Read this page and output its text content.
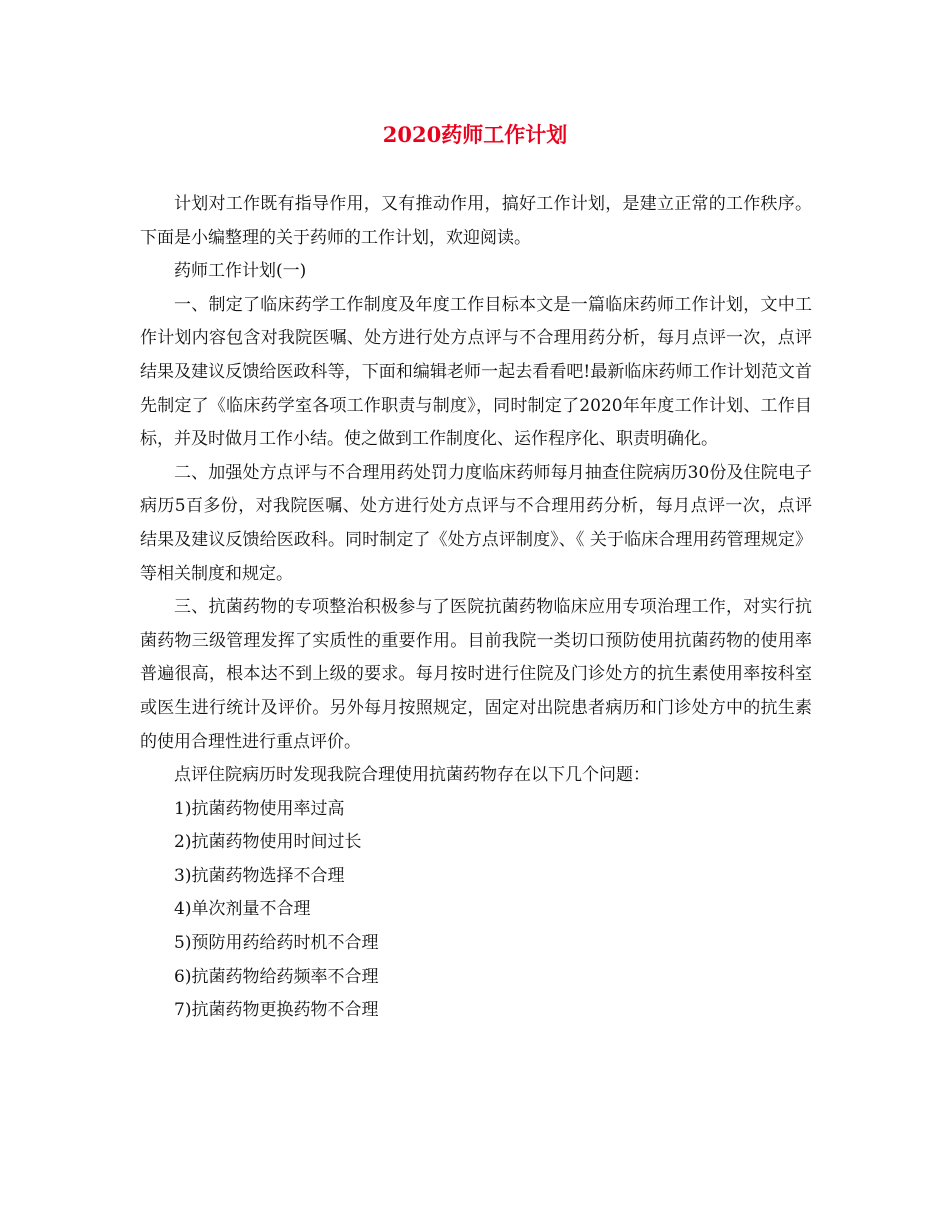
2020药师工作计划

计划对工作既有指导作用，又有推动作用，搞好工作计划，是建立正常的工作秩序。下面是小编整理的关于药师的工作计划，欢迎阅读。

药师工作计划(一)

一、制定了临床药学工作制度及年度工作目标本文是一篇临床药师工作计划，文中工作计划内容包含对我院医嘱、处方进行处方点评与不合理用药分析，每月点评一次，点评结果及建议反馈给医政科等，下面和编辑老师一起去看看吧!最新临床药师工作计划范文首先制定了《临床药学室各项工作职责与制度》，同时制定了2020年年度工作计划、工作目标，并及时做月工作小结。使之做到工作制度化、运作程序化、职责明确化。

二、加强处方点评与不合理用药处罚力度临床药师每月抽查住院病历30份及住院电子病历5百多份，对我院医嘱、处方进行处方点评与不合理用药分析，每月点评一次，点评结果及建议反馈给医政科。同时制定了《处方点评制度》、《 关于临床合理用药管理规定》等相关制度和规定。

三、抗菌药物的专项整治积极参与了医院抗菌药物临床应用专项治理工作，对实行抗菌药物三级管理发挥了实质性的重要作用。目前我院一类切口预防使用抗菌药物的使用率普遍很高，根本达不到上级的要求。每月按时进行住院及门诊处方的抗生素使用率按科室或医生进行统计及评价。另外每月按照规定，固定对出院患者病历和门诊处方中的抗生素的使用合理性进行重点评价。

点评住院病历时发现我院合理使用抗菌药物存在以下几个问题：

1)抗菌药物使用率过高

2)抗菌药物使用时间过长

3)抗菌药物选择不合理

4)单次剂量不合理

5)预防用药给药时机不合理

6)抗菌药物给药频率不合理

7)抗菌药物更换药物不合理
